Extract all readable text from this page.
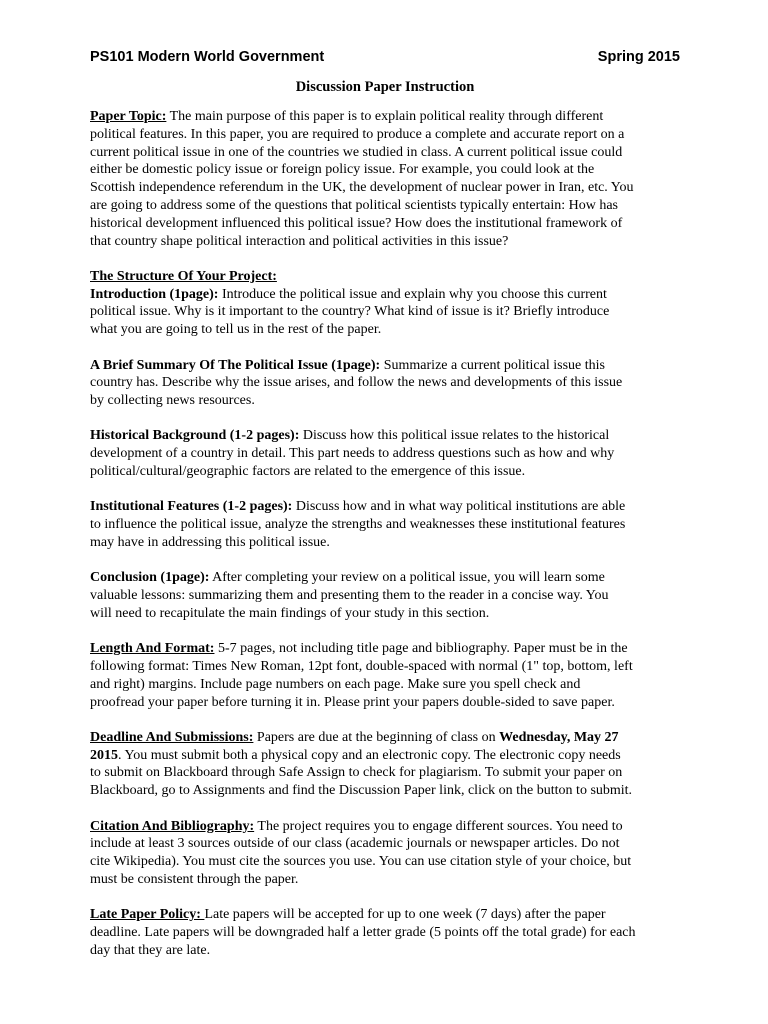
PS101 Modern World Government	Spring 2015
Discussion Paper Instruction

Paper Topic: The main purpose of this paper is to explain political reality through different
political features. In this paper, you are required to produce a complete and accurate report on a
current political issue in one of the countries we studied in class. A current political issue could
either be domestic policy issue or foreign policy issue. For example, you could look at the
Scottish independence referendum in the UK, the development of nuclear power in Iran, etc. You
are going to address some of the questions that political scientists typically entertain: How has
historical development influenced this political issue? How does the institutional framework of
that country shape political interaction and political activities in this issue?

The Structure Of Your Project:
Introduction (1page): Introduce the political issue and explain why you choose this current
political issue. Why is it important to the country? What kind of issue is it? Briefly introduce
what you are going to tell us in the rest of the paper.

A Brief Summary Of The Political Issue (1page): Summarize a current political issue this
country has. Describe why the issue arises, and follow the news and developments of this issue
by collecting news resources.

Historical Background (1-2 pages): Discuss how this political issue relates to the historical
development of a country in detail. This part needs to address questions such as how and why
political/cultural/geographic factors are related to the emergence of this issue.

Institutional Features (1-2 pages): Discuss how and in what way political institutions are able
to influence the political issue, analyze the strengths and weaknesses these institutional features
may have in addressing this political issue.

Conclusion (1page): After completing your review on a political issue, you will learn some
valuable lessons: summarizing them and presenting them to the reader in a concise way. You
will need to recapitulate the main findings of your study in this section.

Length And Format: 5-7 pages, not including title page and bibliography. Paper must be in the
following format: Times New Roman, 12pt font, double-spaced with normal (1" top, bottom, left
and right) margins. Include page numbers on each page. Make sure you spell check and
proofread your paper before turning it in. Please print your papers double-sided to save paper.

Deadline And Submissions: Papers are due at the beginning of class on Wednesday, May 27
2015. You must submit both a physical copy and an electronic copy. The electronic copy needs
to submit on Blackboard through Safe Assign to check for plagiarism. To submit your paper on
Blackboard, go to Assignments and find the Discussion Paper link, click on the button to submit.

Citation And Bibliography: The project requires you to engage different sources. You need to
include at least 3 sources outside of our class (academic journals or newspaper articles. Do not
cite Wikipedia). You must cite the sources you use. You can use citation style of your choice, but
must be consistent through the paper.

Late Paper Policy: Late papers will be accepted for up to one week (7 days) after the paper
deadline. Late papers will be downgraded half a letter grade (5 points off the total grade) for each
day that they are late.
